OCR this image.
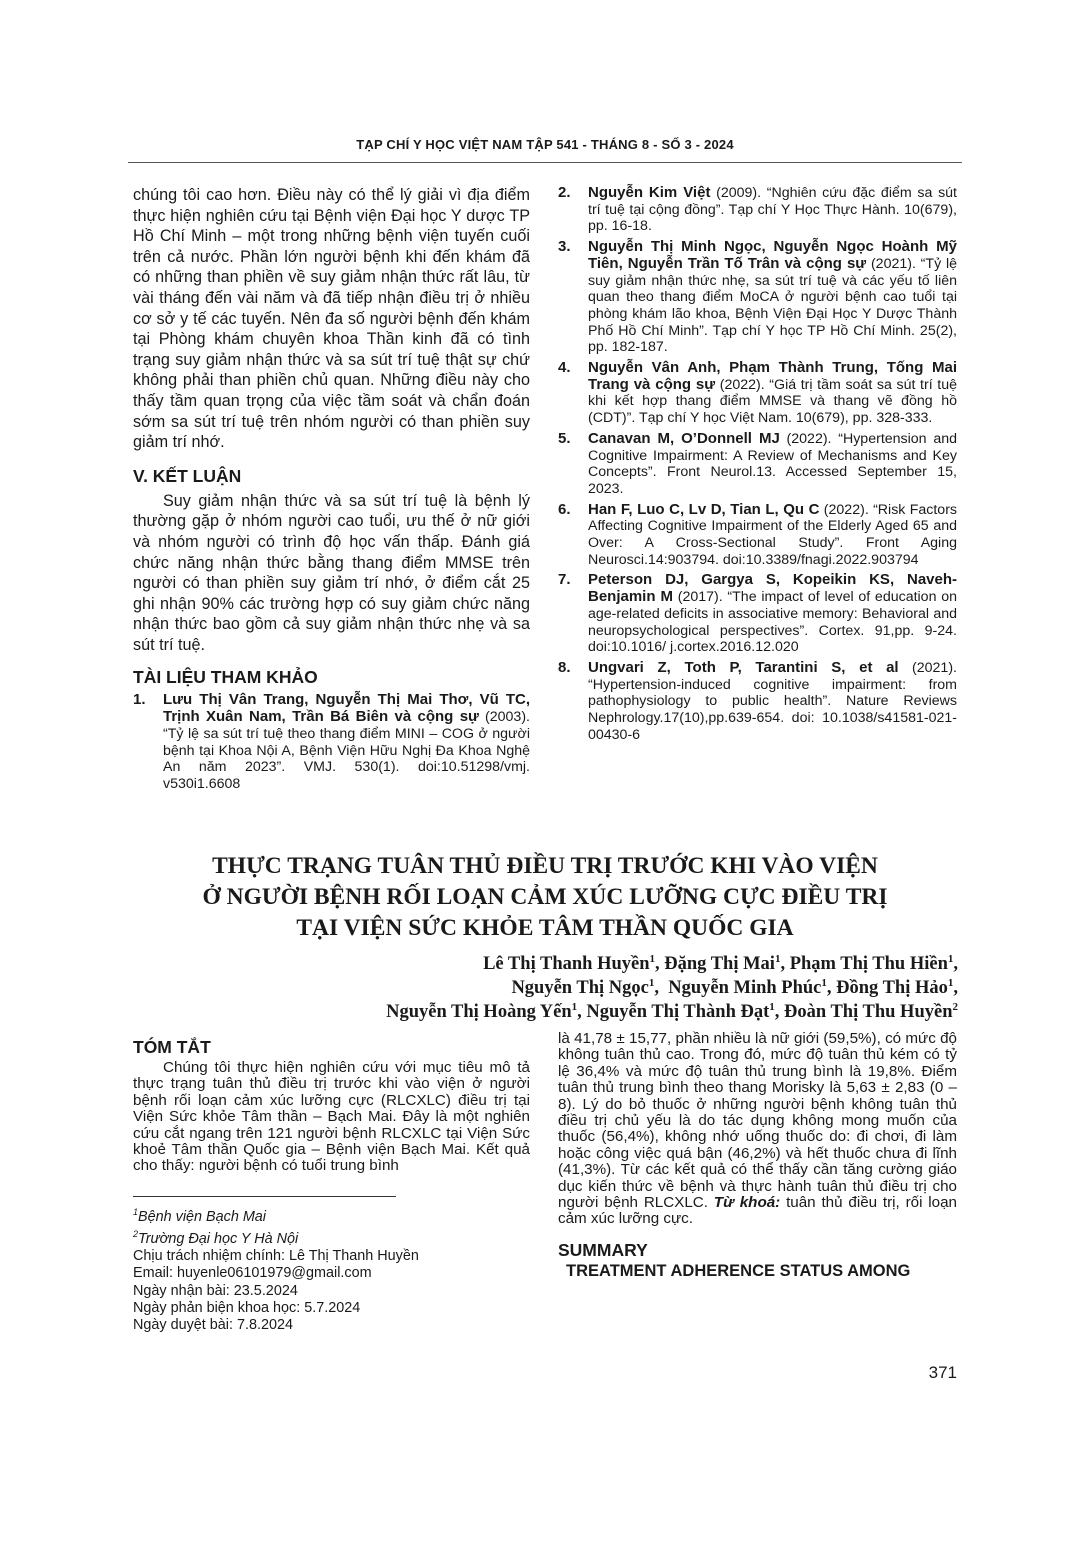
TẠP CHÍ Y HỌC VIỆT NAM TẬP 541 - THÁNG 8 - SỐ 3 - 2024
chúng tôi cao hơn. Điều này có thể lý giải vì địa điểm thực hiện nghiên cứu tại Bệnh viện Đại học Y dược TP Hồ Chí Minh – một trong những bệnh viện tuyến cuối trên cả nước. Phần lớn người bệnh khi đến khám đã có những than phiền về suy giảm nhận thức rất lâu, từ vài tháng đến vài năm và đã tiếp nhận điều trị ở nhiều cơ sở y tế các tuyến. Nên đa số người bệnh đến khám tại Phòng khám chuyên khoa Thần kinh đã có tình trạng suy giảm nhận thức và sa sút trí tuệ thật sự chứ không phải than phiền chủ quan. Những điều này cho thấy tầm quan trọng của việc tầm soát và chẩn đoán sớm sa sút trí tuệ trên nhóm người có than phiền suy giảm trí nhớ.
V. KẾT LUẬN
Suy giảm nhận thức và sa sút trí tuệ là bệnh lý thường gặp ở nhóm người cao tuổi, ưu thế ở nữ giới và nhóm người có trình độ học vấn thấp. Đánh giá chức năng nhận thức bằng thang điểm MMSE trên người có than phiền suy giảm trí nhớ, ở điểm cắt 25 ghi nhận 90% các trường hợp có suy giảm chức năng nhận thức bao gồm cả suy giảm nhận thức nhẹ và sa sút trí tuệ.
TÀI LIỆU THAM KHẢO
1. Lưu Thị Vân Trang, Nguyễn Thị Mai Thơ, Vũ TC, Trịnh Xuân Nam, Trần Bá Biên và cộng sự (2003). “Tỷ lệ sa sút trí tuệ theo thang điểm MINI – COG ở người bệnh tại Khoa Nội A, Bệnh Viện Hữu Nghị Đa Khoa Nghệ An năm 2023”. VMJ. 530(1). doi:10.51298/vmj. v530i1.6608
2. Nguyễn Kim Việt (2009). “Nghiên cứu đặc điểm sa sút trí tuệ tại cộng đồng”. Tạp chí Y Học Thực Hành. 10(679), pp. 16-18.
3. Nguyễn Thị Minh Ngọc, Nguyễn Ngọc Hoành Mỹ Tiên, Nguyễn Trần Tố Trân và cộng sự (2021). “Tỷ lệ suy giảm nhận thức nhẹ, sa sút trí tuệ và các yếu tố liên quan theo thang điểm MoCA ở người bệnh cao tuổi tại phòng khám lão khoa, Bệnh Viện Đại Học Y Dược Thành Phố Hồ Chí Minh”. Tạp chí Y học TP Hồ Chí Minh. 25(2), pp. 182-187.
4. Nguyễn Vân Anh, Phạm Thành Trung, Tống Mai Trang và cộng sự (2022). “Giá trị tầm soát sa sút trí tuệ khi kết hợp thang điểm MMSE và thang vẽ đồng hồ (CDT)”. Tạp chí Y học Việt Nam. 10(679), pp. 328-333.
5. Canavan M, O’Donnell MJ (2022). “Hypertension and Cognitive Impairment: A Review of Mechanisms and Key Concepts”. Front Neurol.13. Accessed September 15, 2023.
6. Han F, Luo C, Lv D, Tian L, Qu C (2022). “Risk Factors Affecting Cognitive Impairment of the Elderly Aged 65 and Over: A Cross-Sectional Study”. Front Aging Neurosci.14:903794. doi:10.3389/fnagi.2022.903794
7. Peterson DJ, Gargya S, Kopeikin KS, Naveh-Benjamin M (2017). “The impact of level of education on age-related deficits in associative memory: Behavioral and neuropsychological perspectives”. Cortex. 91,pp. 9-24. doi:10.1016/ j.cortex.2016.12.020
8. Ungvari Z, Toth P, Tarantini S, et al (2021). “Hypertension-induced cognitive impairment: from pathophysiology to public health”. Nature Reviews Nephrology.17(10),pp.639-654. doi: 10.1038/s41581-021-00430-6
THỰC TRẠNG TUÂN THỦ ĐIỀU TRỊ TRƯỚC KHI VÀO VIỆN
Ở NGƯỜI BỆNH RỐI LOẠN CẢM XÚC LƯỠNG CỰC ĐIỀU TRỊ
TẠI VIỆN SỨC KHỎE TÂM THẦN QUỐC GIA
Lê Thị Thanh Huyền$^1$, Đặng Thị Mai$^1$, Phạm Thị Thu Hiền$^1$,
Nguyễn Thị Ngọc$^1$,  Nguyễn Minh Phúc$^1$, Đồng Thị Hảo$^1$,
Nguyễn Thị Hoàng Yến$^1$, Nguyễn Thị Thành Đạt$^1$, Đoàn Thị Thu Huyền$^2$
TÓM TẮT
Chúng tôi thực hiện nghiên cứu với mục tiêu mô tả thực trạng tuân thủ điều trị trước khi vào viện ở người bệnh rối loạn cảm xúc lưỡng cực (RLCXLC) điều trị tại Viện Sức khỏe Tâm thần – Bạch Mai. Đây là một nghiên cứu cắt ngang trên 121 người bệnh RLCXLC tại Viện Sức khoẻ Tâm thần Quốc gia – Bệnh viện Bạch Mai. Kết quả cho thấy: người bệnh có tuổi trung bình
$^1$Bệnh viện Bạch Mai
$^2$Trường Đại học Y Hà Nội
Chịu trách nhiệm chính: Lê Thị Thanh Huyền
Email: huyenle06101979@gmail.com
Ngày nhận bài: 23.5.2024
Ngày phản biện khoa học: 5.7.2024
Ngày duyệt bài: 7.8.2024
là 41,78 ± 15,77, phần nhiều là nữ giới (59,5%), có mức độ không tuân thủ cao. Trong đó, mức độ tuân thủ kém có tỷ lệ 36,4% và mức độ tuân thủ trung bình là 19,8%. Điểm tuân thủ trung bình theo thang Morisky là 5,63 ± 2,83 (0 – 8). Lý do bỏ thuốc ở những người bệnh không tuân thủ điều trị chủ yếu là do tác dụng không mong muốn của thuốc (56,4%), không nhớ uống thuốc do: đi chơi, đi làm hoặc công việc quá bận (46,2%) và hết thuốc chưa đi lĩnh (41,3%). Từ các kết quả có thể thấy cần tăng cường giáo dục kiến thức về bệnh và thực hành tuân thủ điều trị cho người bệnh RLCXLC. Từ khoá: tuân thủ điều trị, rối loạn cảm xúc lưỡng cực.
SUMMARY
TREATMENT ADHERENCE STATUS AMONG
371
